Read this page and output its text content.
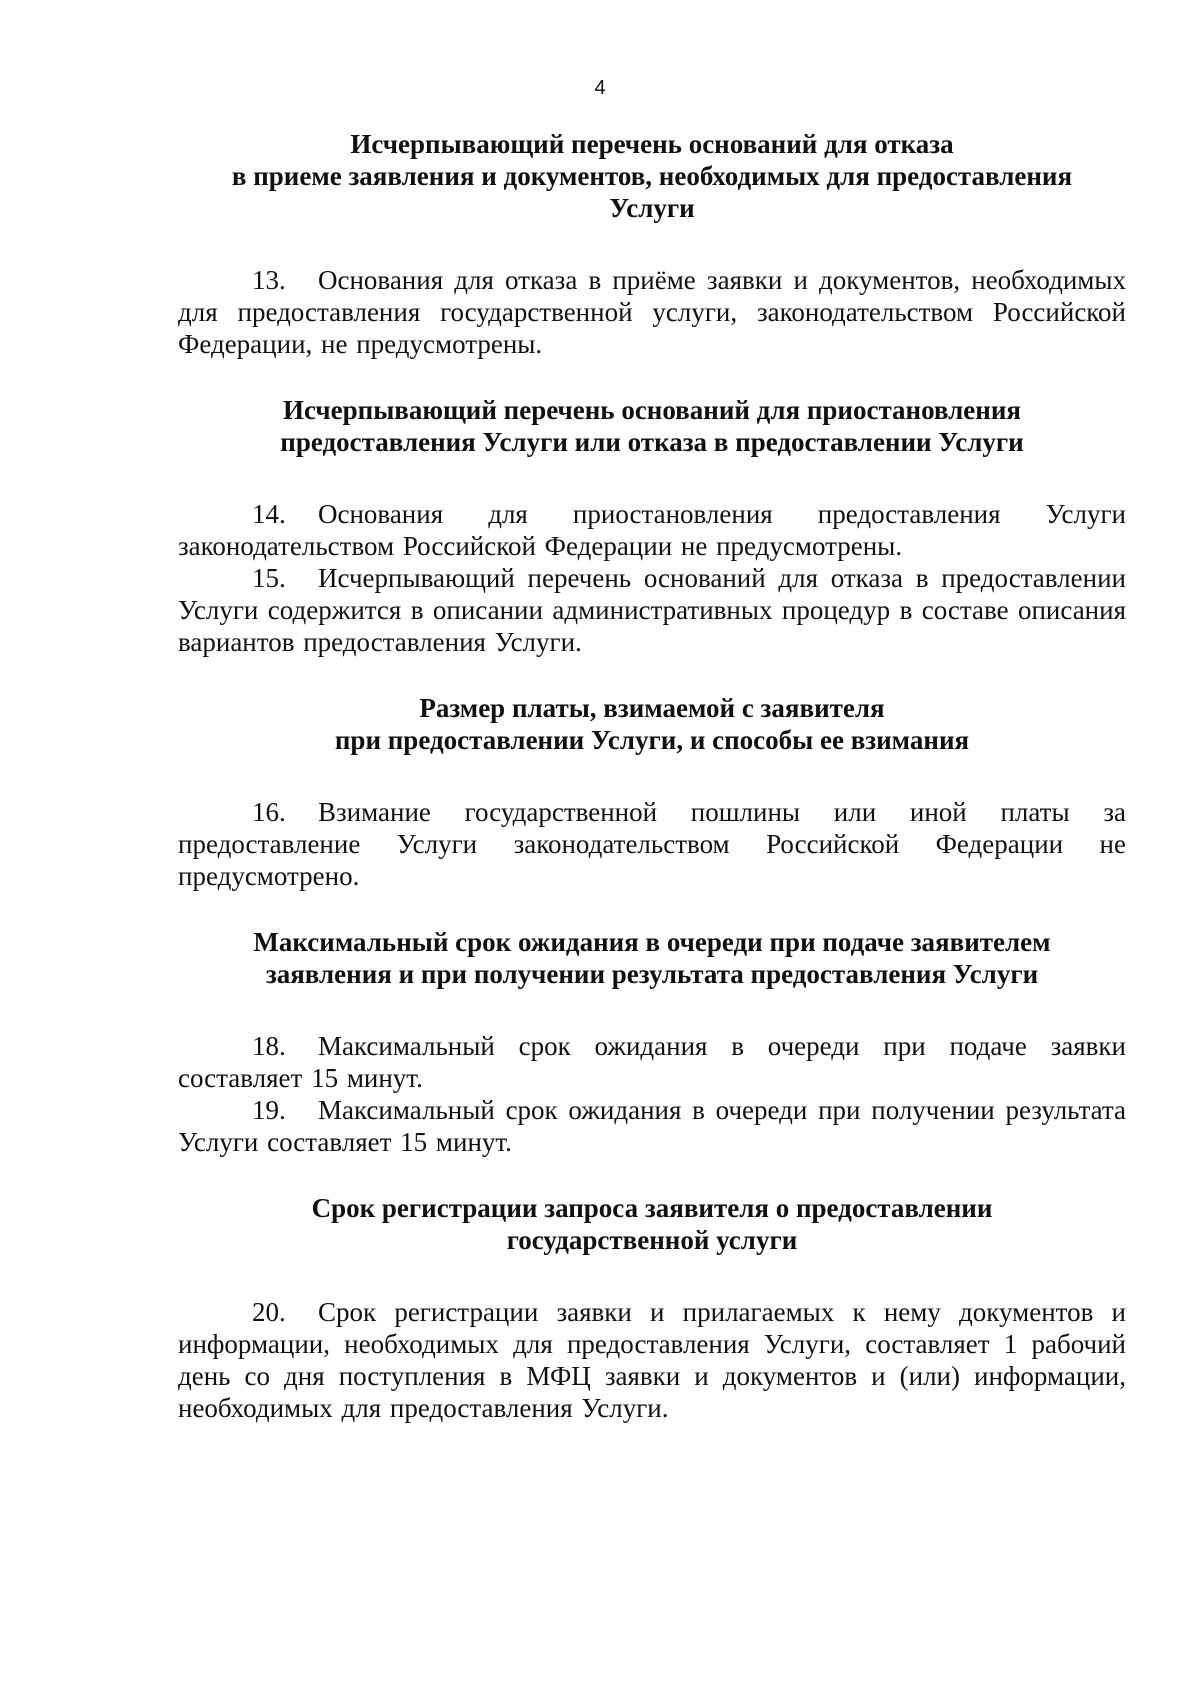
4
Исчерпывающий перечень оснований для отказа
в приеме заявления и документов, необходимых для предоставления
Услуги

13. Основания для отказа в приёме заявки и документов, необходимых для предоставления государственной услуги, законодательством Российской Федерации, не предусмотрены.

Исчерпывающий перечень оснований для приостановления
предоставления Услуги или отказа в предоставлении Услуги

14. Основания для приостановления предоставления Услуги законодательством Российской Федерации не предусмотрены.

15. Исчерпывающий перечень оснований для отказа в предоставлении Услуги содержится в описании административных процедур в составе описания вариантов предоставления Услуги.

Размер платы, взимаемой с заявителя
при предоставлении Услуги, и способы ее взимания

16. Взимание государственной пошлины или иной платы за предоставление Услуги законодательством Российской Федерации не предусмотрено.

Максимальный срок ожидания в очереди при подаче заявителем
заявления и при получении результата предоставления Услуги

18. Максимальный срок ожидания в очереди при подаче заявки составляет 15 минут.

19. Максимальный срок ожидания в очереди при получении результата Услуги составляет 15 минут.

Срок регистрации запроса заявителя о предоставлении
государственной услуги

20. Срок регистрации заявки и прилагаемых к нему документов и информации, необходимых для предоставления Услуги, составляет 1 рабочий день со дня поступления в МФЦ заявки и документов и (или) информации, необходимых для предоставления Услуги.
